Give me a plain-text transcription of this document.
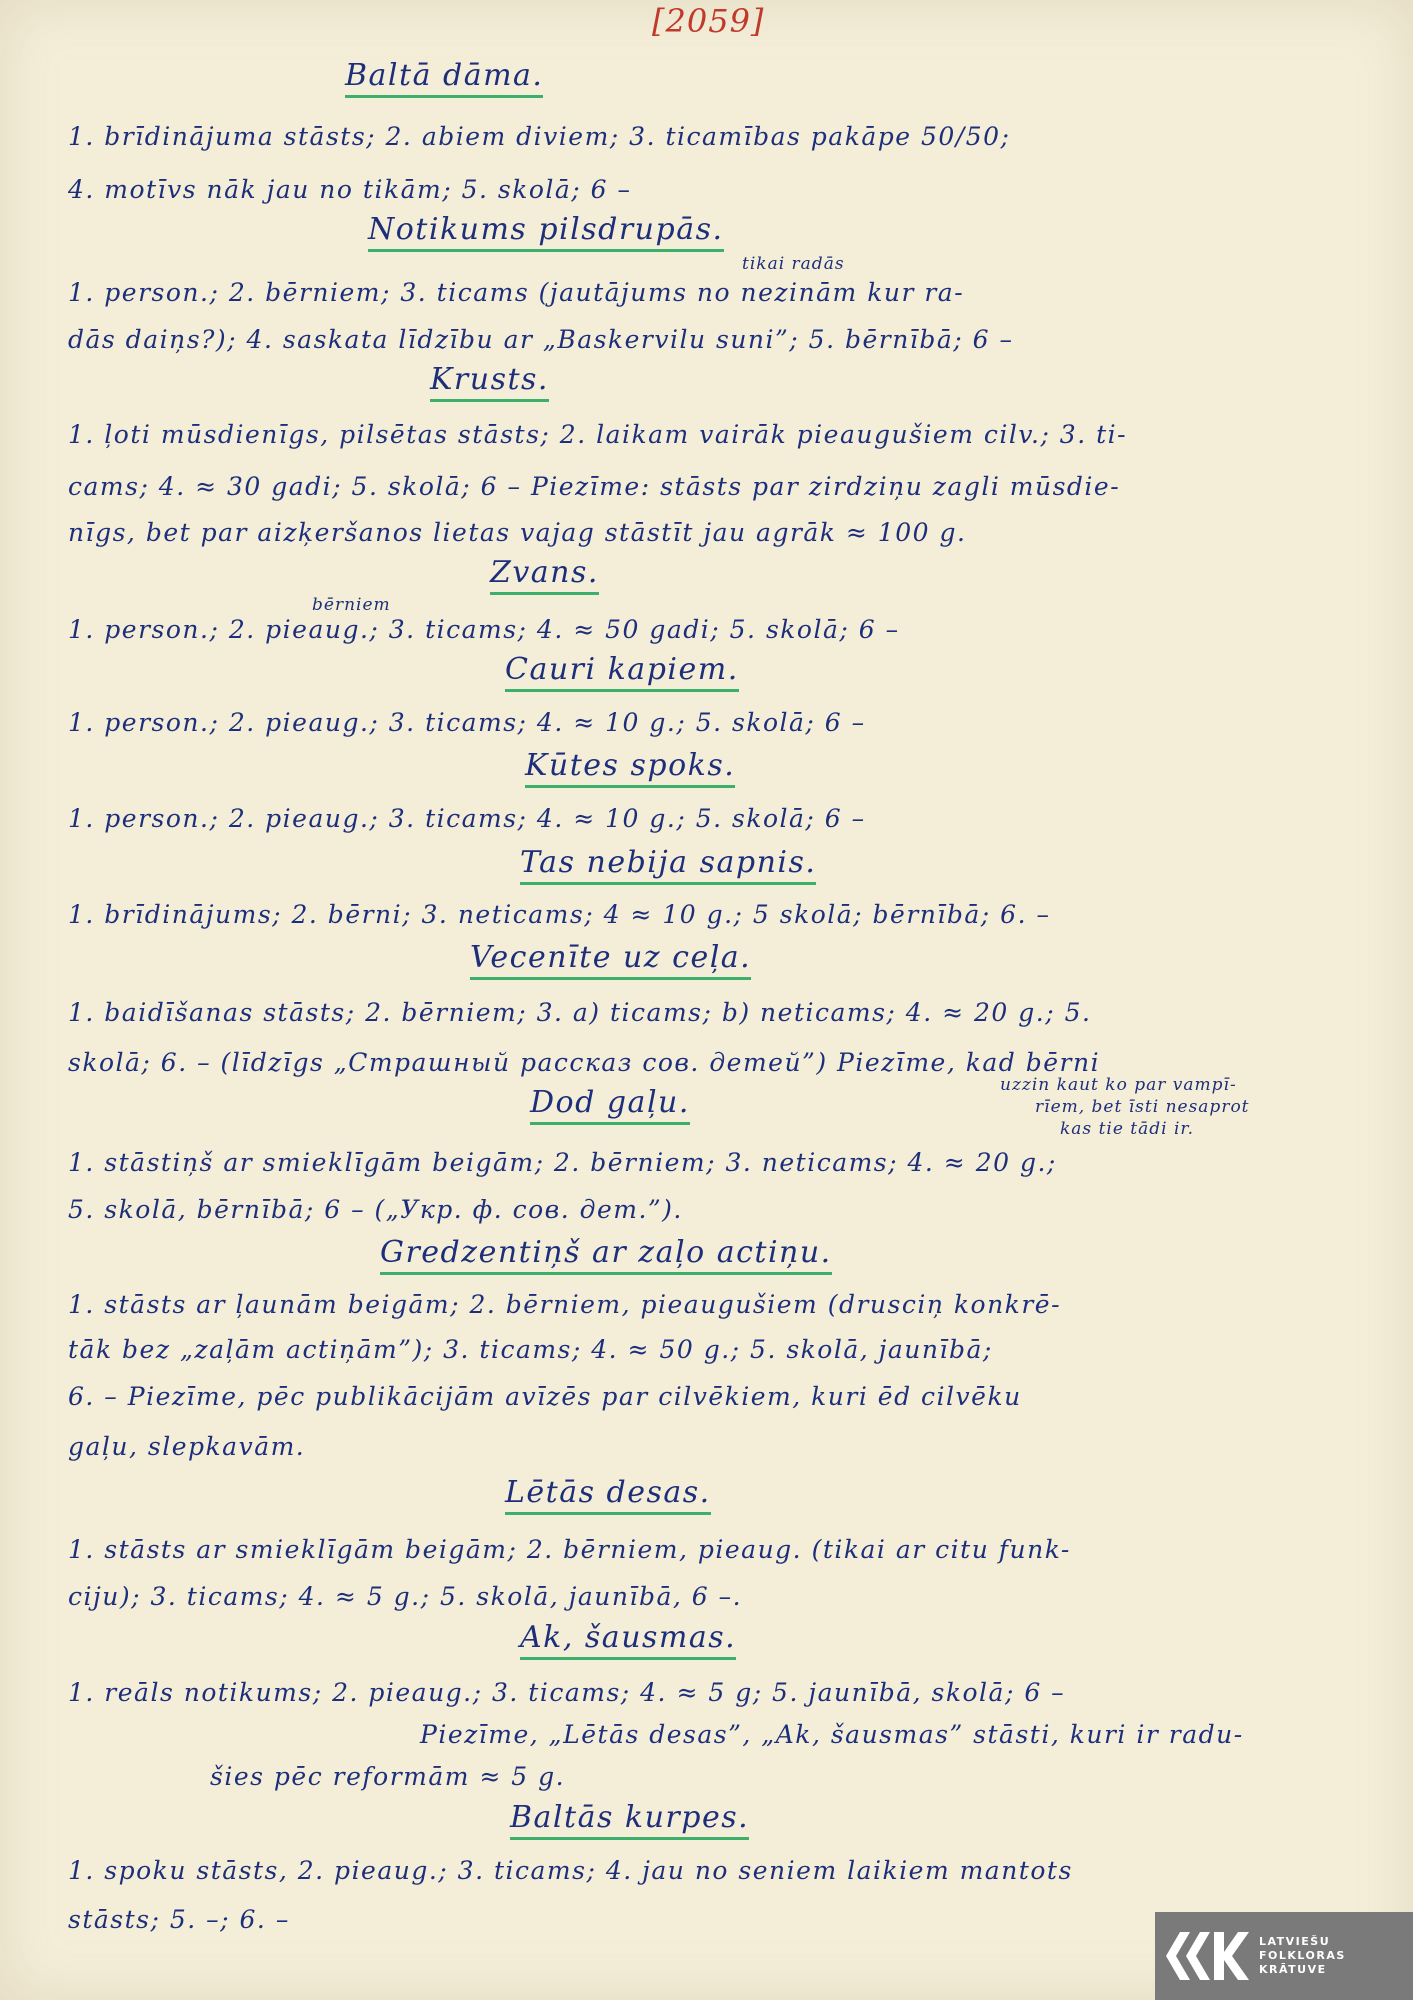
[2059]
Baltā dāma.
1. brīdinājuma stāsts; 2. abiem diviem; 3. ticamības pakāpe 50/50;
4. motīvs nāk jau no tikām; 5. skolā; 6 –
Notikums pilsdrupās.
tikai radās
1. person.; 2. bērniem; 3. ticams (jautājums no nezinām kur ra-
dās daiņs?); 4. saskata līdzību ar „Baskervilu suni”; 5. bērnībā; 6 –
Krusts.
1. ļoti mūsdienīgs, pilsētas stāsts; 2. laikam vairāk pieaugušiem cilv.; 3. ti-
cams; 4. ≈ 30 gadi; 5. skolā; 6 – Piezīme: stāsts par zirdziņu zagli mūsdie-
nīgs, bet par aizķeršanos lietas vajag stāstīt jau agrāk ≈ 100 g.
Zvans.
bērniem
1. person.; 2. pieaug.; 3. ticams; 4. ≈ 50 gadi; 5. skolā; 6 –
Cauri kapiem.
1. person.; 2. pieaug.; 3. ticams; 4. ≈ 10 g.; 5. skolā; 6 –
Kūtes spoks.
1. person.; 2. pieaug.; 3. ticams; 4. ≈ 10 g.; 5. skolā; 6 –
Tas nebija sapnis.
1. brīdinājums; 2. bērni; 3. neticams; 4 ≈ 10 g.; 5 skolā; bērnībā; 6. –
Vecenīte uz ceļa.
1. baidīšanas stāsts; 2. bērniem; 3. a) ticams; b) neticams; 4. ≈ 20 g.; 5.
skolā; 6. – (līdzīgs „Страшный рассказ сов. детей”) Piezīme, kad bērni
uzzin kaut ko par vampī-
rīem, bet īsti nesaprot
kas tie tādi ir.
Dod gaļu.
1. stāstiņš ar smieklīgām beigām; 2. bērniem; 3. neticams; 4. ≈ 20 g.;
5. skolā, bērnībā; 6 – („Укр. ф. сов. дет.”).
Gredzentiņš ar zaļo actiņu.
1. stāsts ar ļaunām beigām; 2. bērniem, pieaugušiem (drusciņ konkrē-
tāk bez „zaļām actiņām”); 3. ticams; 4. ≈ 50 g.; 5. skolā, jaunībā;
6. – Piezīme, pēc publikācijām avīzēs par cilvēkiem, kuri ēd cilvēku
gaļu, slepkavām.
Lētās desas.
1. stāsts ar smieklīgām beigām; 2. bērniem, pieaug. (tikai ar citu funk-
ciju); 3. ticams; 4. ≈ 5 g.; 5. skolā, jaunībā, 6 –.
Ak, šausmas.
1. reāls notikums; 2. pieaug.; 3. ticams; 4. ≈ 5 g; 5. jaunībā, skolā; 6 –
Piezīme, „Lētās desas”, „Ak, šausmas” stāsti, kuri ir radu-
šies pēc reformām ≈ 5 g.
Baltās kurpes.
1. spoku stāsts, 2. pieaug.; 3. ticams; 4. jau no seniem laikiem mantots
stāsts; 5. –; 6. –
LATVIEŠU
FOLKLORAS
KRĀTUVE
